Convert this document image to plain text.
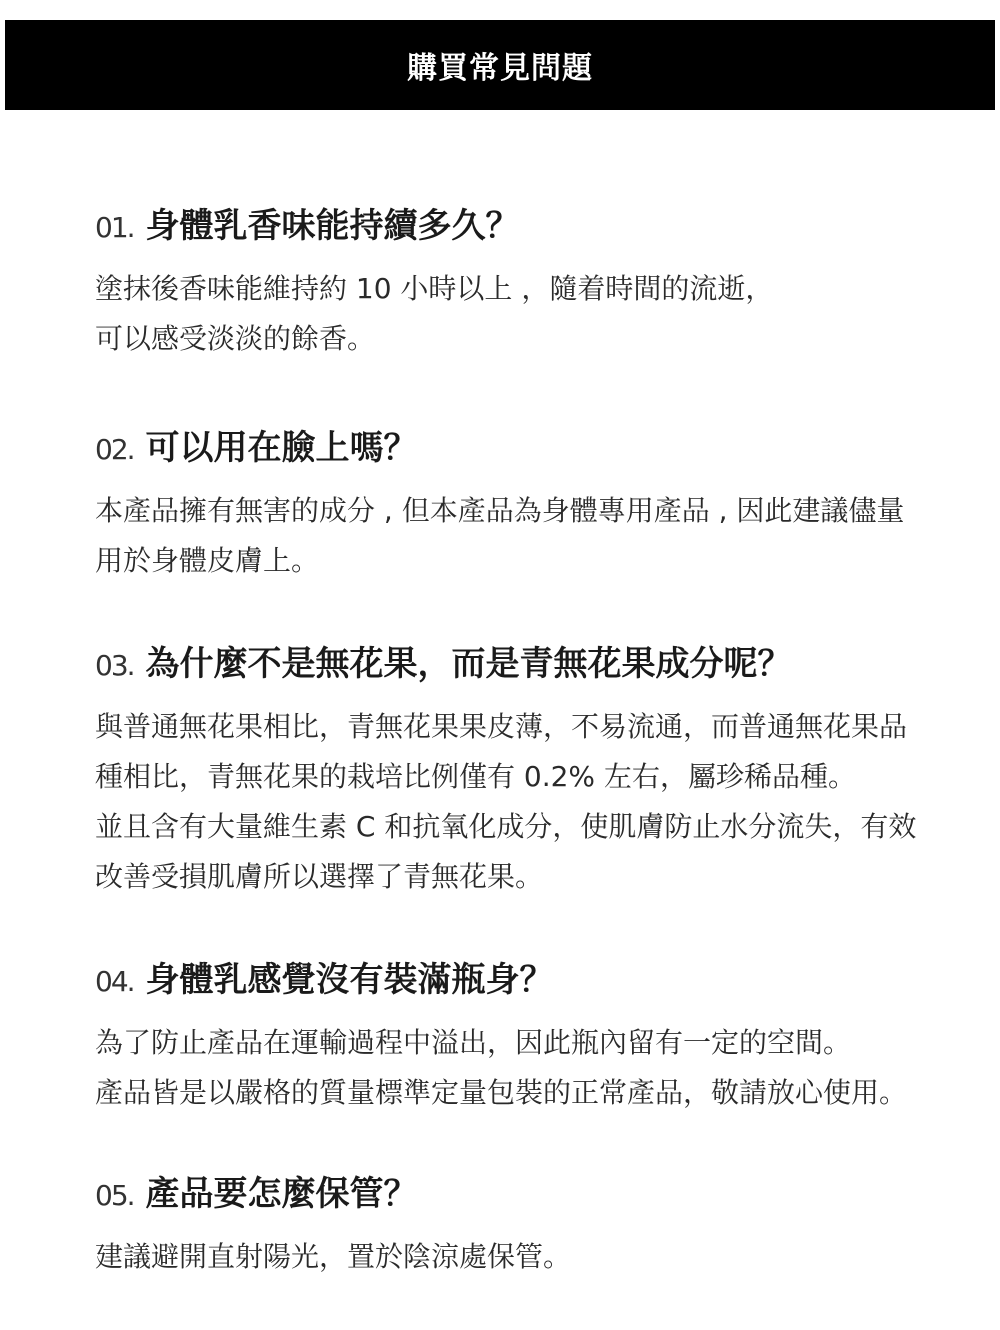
購買常見問題
01. 身體乳香味能持續多久？
塗抹後香味能維持約 10 小時以上 ，隨着時間的流逝，
可以感受淡淡的餘香。
02. 可以用在臉上嗎？
本產品擁有無害的成分 , 但本產品為身體專用產品 , 因此建議儘量
用於身體皮膚上。
03. 為什麼不是無花果，而是青無花果成分呢？
與普通無花果相比，青無花果果皮薄，不易流通，而普通無花果品
種相比，青無花果的栽培比例僅有 0.2% 左右，屬珍稀品種。
並且含有大量維生素 C 和抗氧化成分，使肌膚防止水分流失，有效
改善受損肌膚所以選擇了青無花果。
04. 身體乳感覺沒有裝滿瓶身？
為了防止產品在運輸過程中溢出，因此瓶內留有一定的空間。
產品皆是以嚴格的質量標準定量包裝的正常產品，敬請放心使用。
05. 產品要怎麼保管？
建議避開直射陽光，置於陰涼處保管。
